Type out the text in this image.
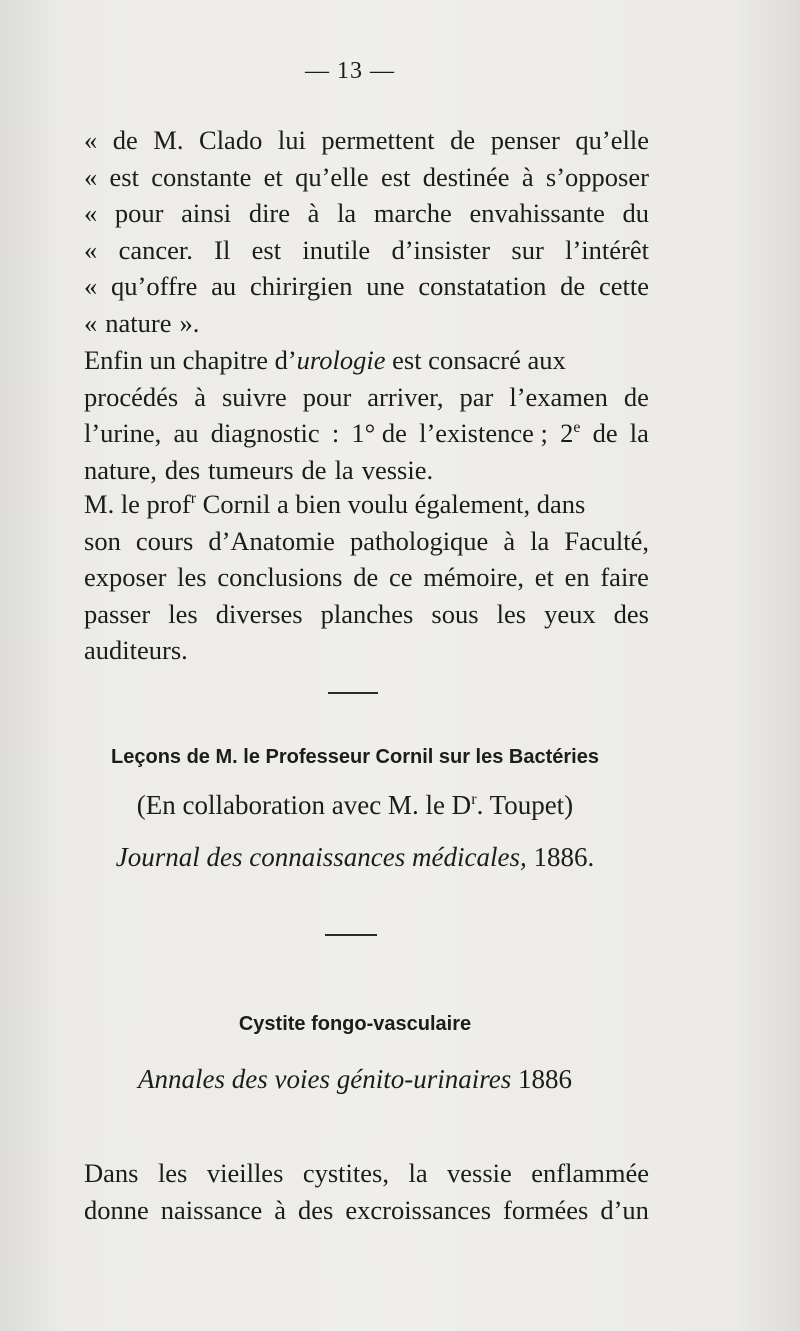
— 13 —
« de M. Clado lui permettent de penser qu’elle
« est constante et qu’elle est destinée à s’opposer
« pour ainsi dire à la marche envahissante du
« cancer. Il est inutile d’insister sur l’intérêt
« qu’offre au chirirgien une constatation de cette
« nature ».
Enfin un chapitre d’urologie est consacré aux
procédés à suivre pour arriver, par l’examen de
l’urine, au diagnostic : 1° de l’existence ; 2e de la
nature, des tumeurs de la vessie.
M. le prof$^r$ Cornil a bien voulu également, dans
son cours d’Anatomie pathologique à la Faculté,
exposer les conclusions de ce mémoire, et en faire
passer les diverses planches sous les yeux des
auditeurs.
Leçons de M. le Professeur Cornil sur les Bactéries
(En collaboration avec M. le $D^r$. Toupet)
Journal des connaissances médicales, 1886.
Cystite fongo-vasculaire
Annales des voies génito-urinaires 1886
Dans les vieilles cystites, la vessie enflammée
donne naissance à des excroissances formées d’un
